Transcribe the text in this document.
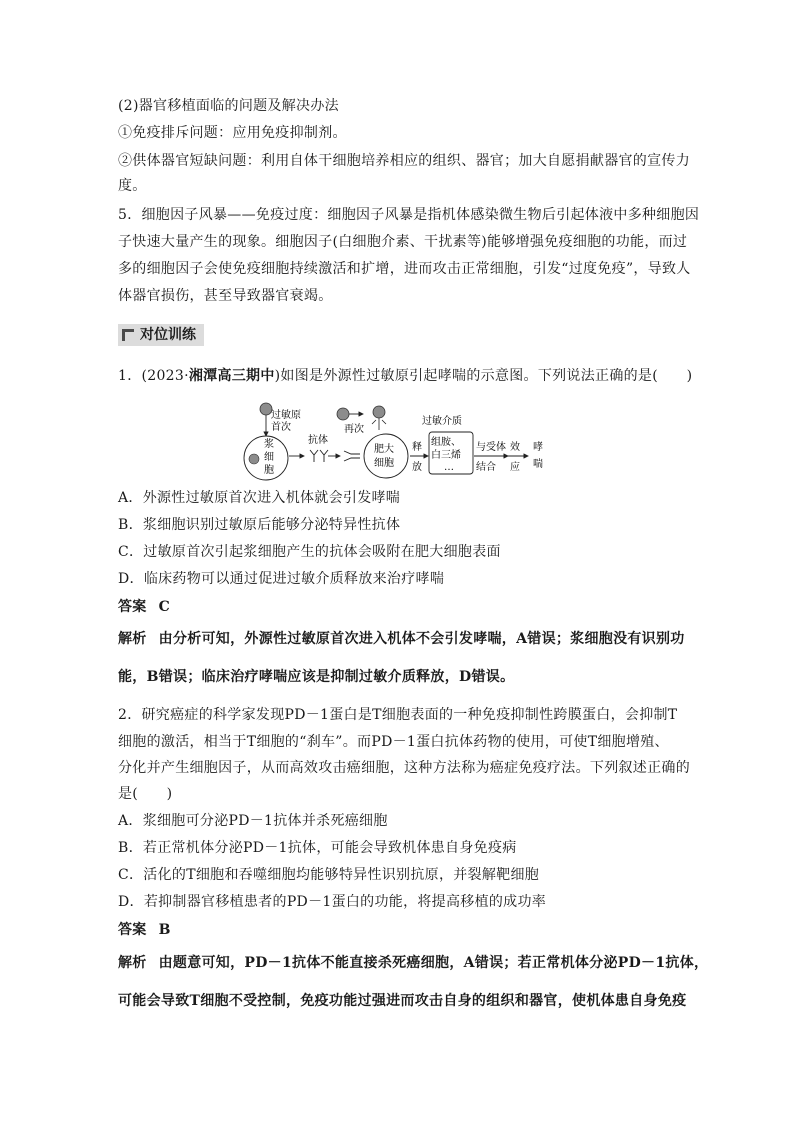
(2)器官移植面临的问题及解决办法
①免疫排斥问题：应用免疫抑制剂。
②供体器官短缺问题：利用自体干细胞培养相应的组织、器官；加大自愿捐献器官的宣传力
度。
5．细胞因子风暴——免疫过度：细胞因子风暴是指机体感染微生物后引起体液中多种细胞因
子快速大量产生的现象。细胞因子(白细胞介素、干扰素等)能够增强免疫细胞的功能，而过
多的细胞因子会使免疫细胞持续激活和扩增，进而攻击正常细胞，引发“过度免疫”，导致人
体器官损伤，甚至导致器官衰竭。
对位训练
1．(2023·湘潭高三期中)如图是外源性过敏原引起哮喘的示意图。下列说法正确的是(　　)
过敏原
首次
浆
细
胞
抗体
再次
肥大
细胞
释
放
过敏介质
组胺、
白三烯
…
与受体
结合
效
应
哮
喘
A．外源性过敏原首次进入机体就会引发哮喘
B．浆细胞识别过敏原后能够分泌特异性抗体
C．过敏原首次引起浆细胞产生的抗体会吸附在肥大细胞表面
D．临床药物可以通过促进过敏介质释放来治疗哮喘
答案 C
解析 由分析可知，外源性过敏原首次进入机体不会引发哮喘，A错误；浆细胞没有识别功
能，B错误；临床治疗哮喘应该是抑制过敏介质释放，D错误。
2．研究癌症的科学家发现PD－1蛋白是T细胞表面的一种免疫抑制性跨膜蛋白，会抑制T
细胞的激活，相当于T细胞的“刹车”。而PD－1蛋白抗体药物的使用，可使T细胞增殖、
分化并产生细胞因子，从而高效攻击癌细胞，这种方法称为癌症免疫疗法。下列叙述正确的
是(　　)
A．浆细胞可分泌PD－1抗体并杀死癌细胞
B．若正常机体分泌PD－1抗体，可能会导致机体患自身免疫病
C．活化的T细胞和吞噬细胞均能够特异性识别抗原，并裂解靶细胞
D．若抑制器官移植患者的PD－1蛋白的功能，将提高移植的成功率
答案 B
解析 由题意可知，PD－1抗体不能直接杀死癌细胞，A错误；若正常机体分泌PD－1抗体，
可能会导致T细胞不受控制，免疫功能过强进而攻击自身的组织和器官，使机体患自身免疫
